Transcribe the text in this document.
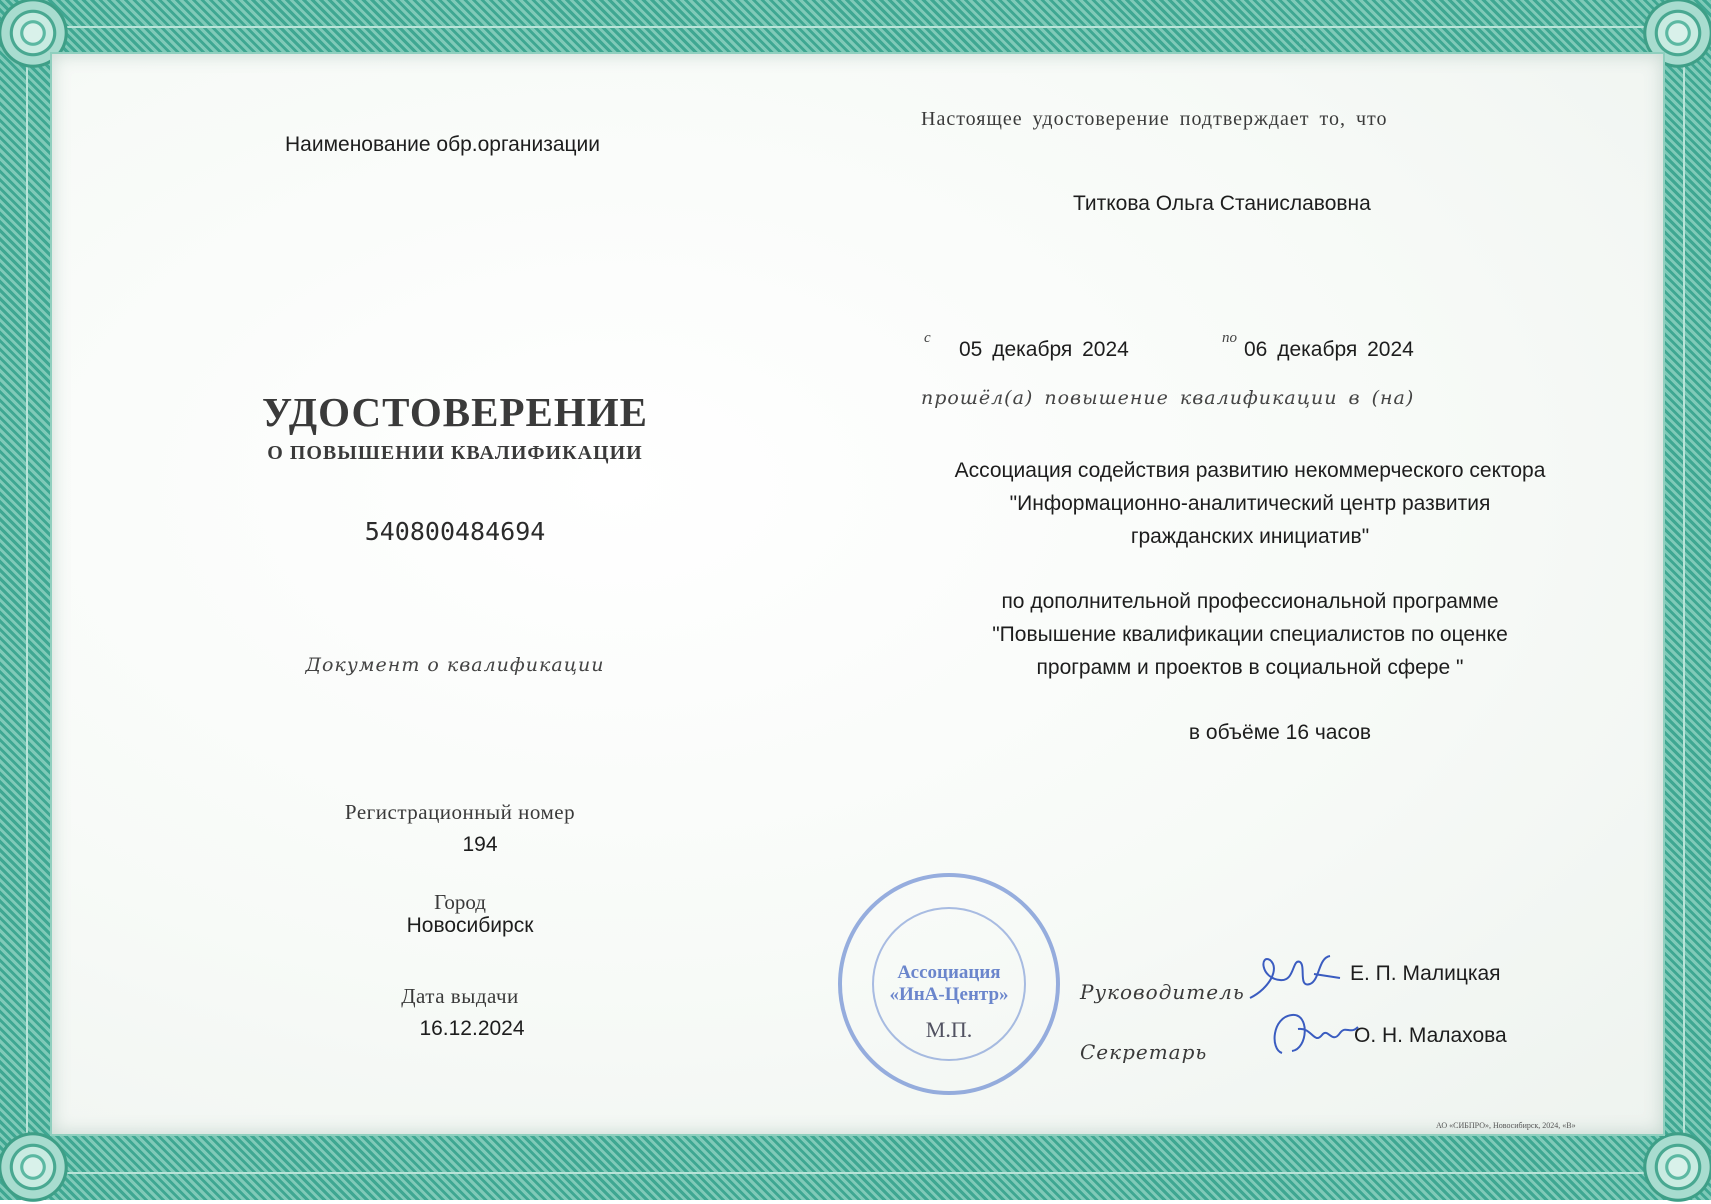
Наименование обр.организации
УДОСТОВЕРЕНИЕ
О ПОВЫШЕНИИ КВАЛИФИКАЦИИ
540800484694
Документ о квалификации
Регистрационный номер
194
Город
Новосибирск
Дата выдачи
16.12.2024
Настоящее удостоверение подтверждает то, что
Титкова Ольга Станиславовна
с 05 декабря 2024	по 06 декабря 2024
прошёл(а) повышение квалификации в (на)
Ассоциация содействия развитию некоммерческого сектора
"Информационно-аналитический центр развития
гражданских инициатив"
по дополнительной профессиональной программе
"Повышение квалификации специалистов по оценке
программ и проектов в социальной сфере "
в объёме 16 часов
Ассоциация
«ИнА-Центр»
М.П.
Руководитель
Е. П. Малицкая
Секретарь
О. Н. Малахова
АО «СИБПРО», Новосибирск, 2024, «В»
